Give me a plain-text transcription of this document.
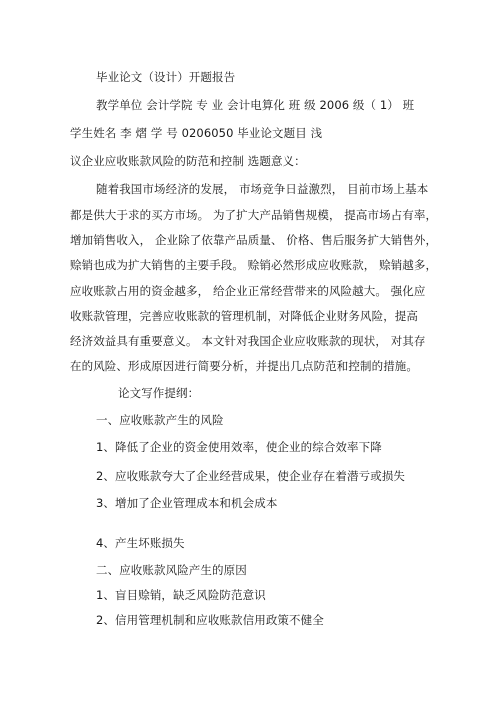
毕业论文（设计）开题报告
教学单位 会计学院 专 业 会计电算化 班 级 2006 级（ 1） 班
学生姓名 李 熠 学 号 0206050 毕业论文题目 浅
议企业应收账款风险的防范和控制 选题意义：
随着我国市场经济的发展， 市场竞争日益激烈， 目前市场上基本
都是供大于求的买方市场。 为了扩大产品销售规模， 提高市场占有率，
增加销售收入， 企业除了依靠产品质量、 价格、售后服务扩大销售外，
赊销也成为扩大销售的主要手段。 赊销必然形成应收账款， 赊销越多，
应收账款占用的资金越多， 给企业正常经营带来的风险越大。 强化应
收账款管理，完善应收账款的管理机制，对降低企业财务风险，提高
经济效益具有重要意义。 本文针对我国企业应收账款的现状， 对其存
在的风险、形成原因进行简要分析，并提出几点防范和控制的措施。
论文写作提纲：
一、应收账款产生的风险
1、降低了企业的资金使用效率，使企业的综合效率下降
2、应收账款夸大了企业经营成果，使企业存在着潜亏或损失
3、增加了企业管理成本和机会成本
4、产生坏账损失
二、应收账款风险产生的原因
1、盲目赊销，缺乏风险防范意识
2、信用管理机制和应收账款信用政策不健全
